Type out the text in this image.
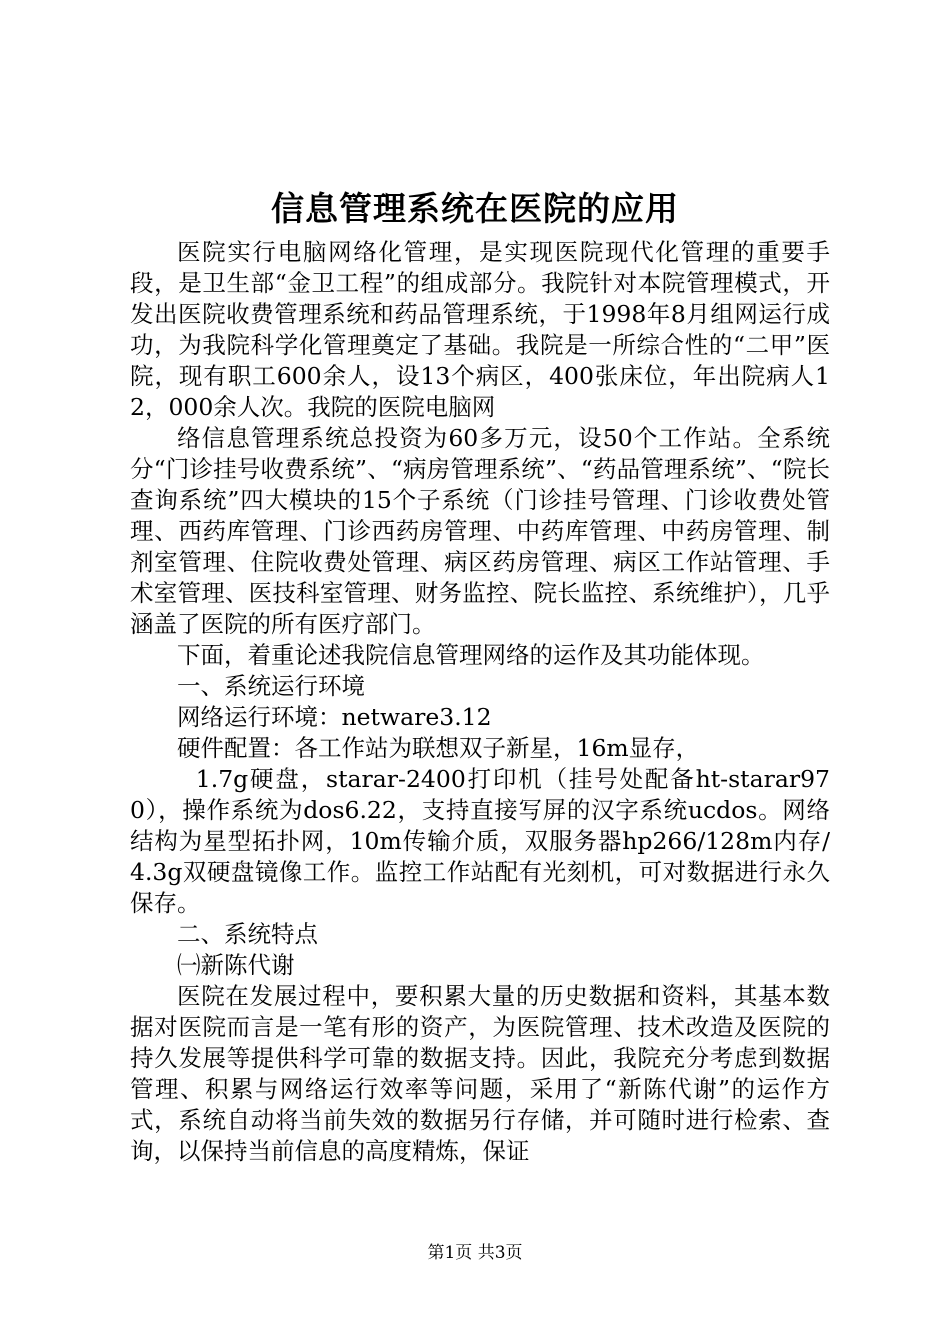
信息管理系统在医院的应用

医院实行电脑网络化管理，是实现医院现代化管理的重要手段，是卫生部“金卫工程”的组成部分。我院针对本院管理模式，开发出医院收费管理系统和药品管理系统，于1998年8月组网运行成功，为我院科学化管理奠定了基础。我院是一所综合性的“二甲”医院，现有职工600余人，设13个病区，400张床位，年出院病人12，000余人次。我院的医院电脑网

络信息管理系统总投资为60多万元，设50个工作站。全系统分“门诊挂号收费系统”、“病房管理系统”、“药品管理系统”、“院长查询系统”四大模块的15个子系统（门诊挂号管理、门诊收费处管理、西药库管理、门诊西药房管理、中药库管理、中药房管理、制剂室管理、住院收费处管理、病区药房管理、病区工作站管理、手术室管理、医技科室管理、财务监控、院长监控、系统维护），几乎涵盖了医院的所有医疗部门。

下面，着重论述我院信息管理网络的运作及其功能体现。

一、系统运行环境

网络运行环境：netware3.12

硬件配置：各工作站为联想双子新星，16m显存，

1.7g硬盘，starar-2400打印机（挂号处配备ht-starar970），操作系统为dos6.22，支持直接写屏的汉字系统ucdos。网络结构为星型拓扑网，10m传输介质，双服务器hp266/128m内存/4.3g双硬盘镜像工作。监控工作站配有光刻机，可对数据进行永久保存。

二、系统特点

㈠新陈代谢

医院在发展过程中，要积累大量的历史数据和资料，其基本数据对医院而言是一笔有形的资产，为医院管理、技术改造及医院的持久发展等提供科学可靠的数据支持。因此，我院充分考虑到数据管理、积累与网络运行效率等问题，采用了“新陈代谢”的运作方式，系统自动将当前失效的数据另行存储，并可随时进行检索、查询，以保持当前信息的高度精炼，保证

第1页 共3页
